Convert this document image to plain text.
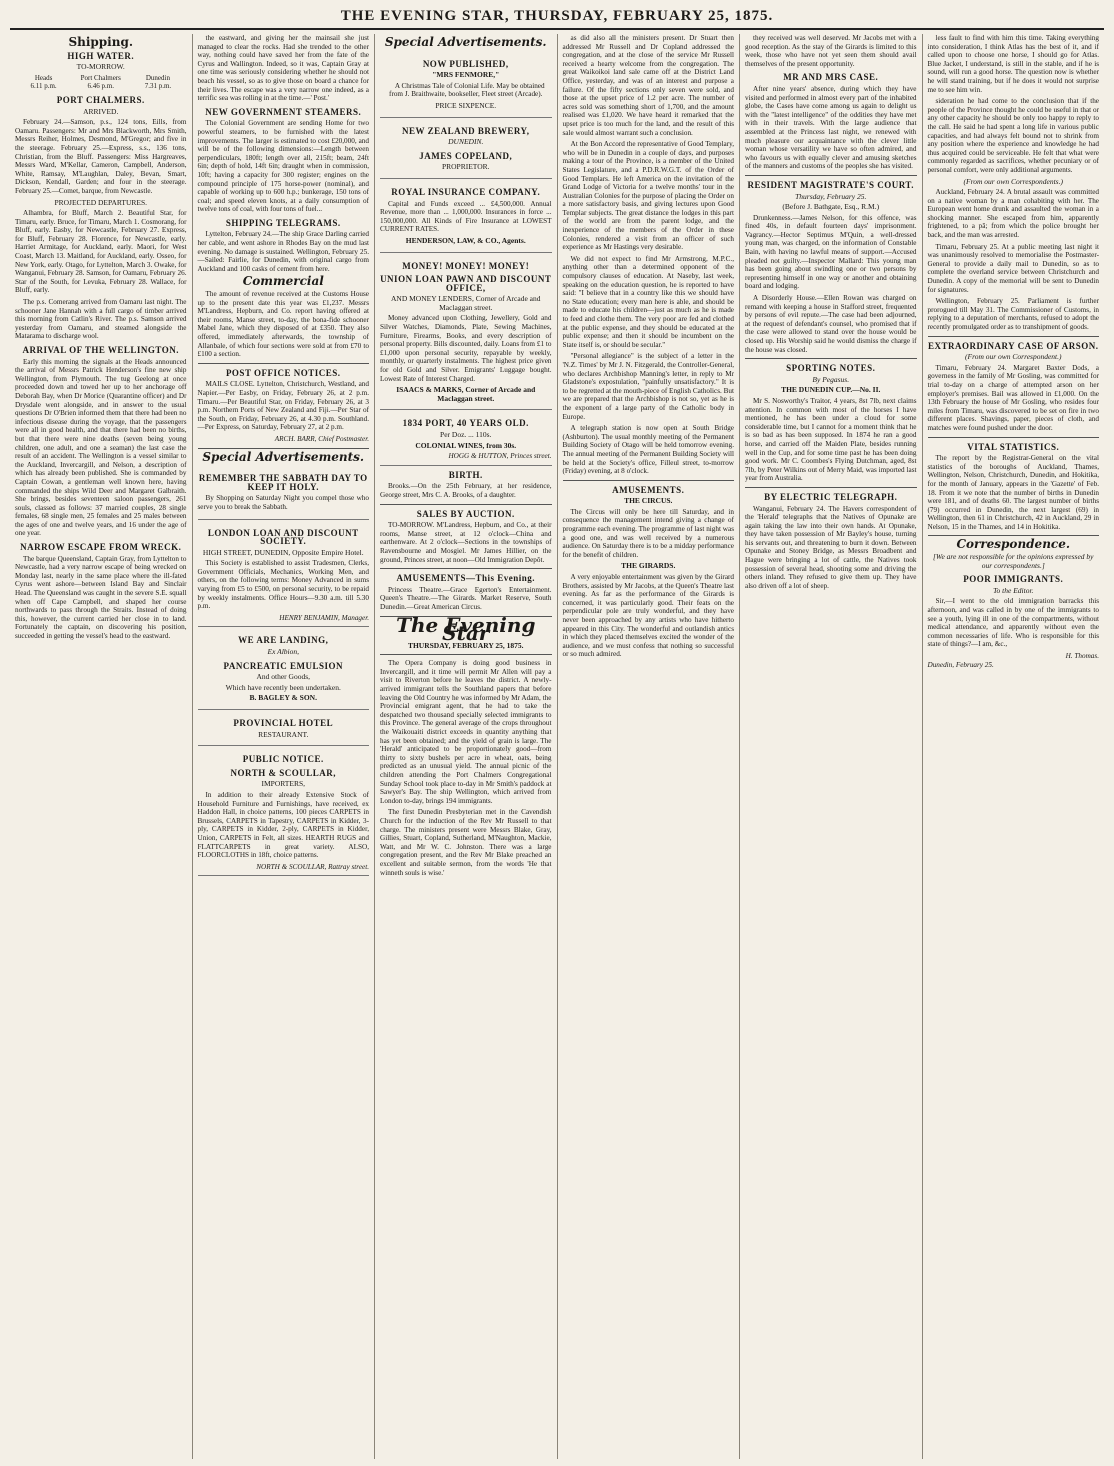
THE EVENING STAR, THURSDAY, FEBRUARY 25, 1875.
Shipping.
HIGH WATER.
TO-MORROW.
Heads
6.11 p.m.
Port Chalmers
6.46 p.m.
Dunedin
7.31 p.m.
PORT CHALMERS.
ARRIVED.

February 24.—Samson, p.s., 124 tons, Eills, from Oamaru. Passengers: Mr and Mrs Blackworth, Mrs Smith, Messrs Reiher, Holmes, Desmond, M'Gregor; and five in the steerage. February 25.—Express, s.s., 136 tons, Christian, from the Bluff. Passengers: Miss Hargreaves, Messrs Ward, M'Kellar, Cameron, Campbell, Anderson, White, Ramsay, M'Laughlan, Daley, Bevan, Smart, Dickson, Kendall, Garden; and four in the steerage. February 25.—Comet, barque, from Newcastle.

PROJECTED DEPARTURES.

Alhambra, for Bluff, March 2. Beautiful Star, for Timaru, early. Bruce, for Timaru, March 1. Cosmorang, for Bluff, early. Easby, for Newcastle, February 27. Express, for Bluff, February 28. Florence, for Newcastle, early. Harriet Armitage, for Auckland, early. Maori, for West Coast, March 13. Maitland, for Auckland, early. Osseo, for New York, early. Otago, for Lyttelton, March 3. Owake, for Wanganui, February 28. Samson, for Oamaru, February 26. Star of the South, for Levuka, February 28. Wallace, for Bluff, early.

The p.s. Comerang arrived from Oamaru last night. The schooner Jane Hannah with a full cargo of timber arrived this morning from Catlin's River. The p.s. Samson arrived yesterday from Oamaru, and steamed alongside the Matarama to discharge wool.

ARRIVAL OF THE WELLINGTON.

Early this morning the signals at the Heads announced the arrival of Messrs Patrick Henderson's fine new ship Wellington, from Plymouth. The tug Geelong at once proceeded down and towed her up to her anchorage off Deborah Bay, when Dr Morice (Quarantine officer) and Dr Drysdale went alongside, and in answer to the usual questions Dr O'Brien informed them that there had been no infectious disease during the voyage, that the passengers were all in good health, and that there had been no births, but that there were nine deaths (seven being young children, one adult, and one a seaman) the last case the result of an accident. The Wellington is a vessel similar to the Auckland, Invercargill, and Nelson, a description of which has already been published. She is commanded by Captain Cowan, a gentleman well known here, having commanded the ships Wild Deer and Margaret Galbraith. She brings, besides seventeen saloon passengers, 261 souls, classed as follows: 37 married couples, 28 single females, 68 single men, 25 females and 25 males between the ages of one and twelve years, and 16 under the age of one year.

NARROW ESCAPE FROM WRECK.

The barque Queensland, Captain Gray, from Lyttelton to Newcastle, had a very narrow escape of being wrecked on Monday last, nearly in the same place where the ill-fated Cyrus went ashore—between Island Bay and Sinclair Head. The Queensland was caught in the severe S.E. squall when off Cape Campbell, and shaped her course northwards to pass through the Straits. Instead of doing this, however, the current carried her close in to land. Fortunately the captain, on discovering his position, succeeded in getting the vessel's head to the eastward.

the eastward, and giving her the mainsail she just managed to clear the rocks. Had she trended to the other way, nothing could have saved her from the fate of the Cyrus and Wallington. Indeed, so it was, Captain Gray at one time was seriously considering whether he should not beach his vessel, so as to give those on board a chance for their lives. The escape was a very narrow one indeed, as a terrific sea was rolling in at the time.—' Post.'

NEW GOVERNMENT STEAMERS.

The Colonial Government are sending Home for two powerful steamers, to be furnished with the latest improvements. The larger is estimated to cost £20,000, and will be of the following dimensions:—Length between perpendiculars, 180ft; length over all, 215ft; beam, 24ft 6in; depth of hold, 14ft 6in; draught when in commission, 10ft; having a capacity for 300 register; engines on the compound principle of 175 horse-power (nominal), and capable of working up to 600 h.p.; bunkerage, 150 tons of coal; and speed eleven knots, at a daily consumption of twelve tons of coal, with four tons of fuel...

SHIPPING TELEGRAMS.

Lyttelton, February 24.—The ship Grace Darling carried her cable, and went ashore in Rhodes Bay on the mud last evening. No damage is sustained. Wellington, February 25.—Sailed: Fairlie, for Dunedin, with original cargo from Auckland and 100 casks of cement from here.

Commercial

The amount of revenue received at the Customs House up to the present date this year was £1,237. Messrs M'Landress, Hepburn, and Co. report having offered at their rooms, Manse street, to-day, the bona-fide schooner Mabel Jane, which they disposed of at £350. They also offered, immediately afterwards, the township of Allanbale, of which four sections were sold at from £70 to £100 a section.

POST OFFICE NOTICES.

MAILS CLOSE. Lyttelton, Christchurch, Westland, and Napier.—Per Easby, on Friday, February 26, at 2 p.m. Timaru.—Per Beautiful Star, on Friday, February 26, at 3 p.m. Northern Ports of New Zealand and Fiji.—Per Star of the South, on Friday, February 26, at 4.30 p.m. Southland.—Per Express, on Saturday, February 27, at 2 p.m.

ARCH. BARR, Chief Postmaster.
Special Advertisements.
REMEMBER THE SABBATH DAY TO KEEP IT HOLY.

By Shopping on Saturday Night you compel those who serve you to break the Sabbath.

LONDON LOAN AND DISCOUNT SOCIETY.
HIGH STREET, DUNEDIN, Opposite Empire Hotel.

This Society is established to assist Tradesmen, Clerks, Government Officials, Mechanics, Working Men, and others, on the following terms: Money Advanced in sums varying from £5 to £500, on personal security, to be repaid by weekly instalments. Office Hours—9.30 a.m. till 5.30 p.m.

HENRY BENJAMIN, Manager.
WE ARE LANDING,
Ex Albion,
PANCREATIC EMULSION
And other Goods,
Which have recently been undertaken.
B. BAGLEY & SON.
PROVINCIAL HOTEL
RESTAURANT.
PUBLIC NOTICE.
NORTH & SCOULLAR,
IMPORTERS,

In addition to their already Extensive Stock of Household Furniture and Furnishings, have received, ex Haddon Hall, in choice patterns, 100 pieces CARPETS in Brussels, CARPETS in Tapestry, CARPETS in Kidder, 3-ply, CARPETS in Kidder, 2-ply, CARPETS in Kidder, Union, CARPETS in Felt, all sizes. HEARTH RUGS and FLATTCARPETS in great variety. ALSO, FLOORCLOTHS in 18ft, choice patterns.

NORTH & SCOULLAR, Rattray street.
Special Advertisements.
NOW PUBLISHED,
"MRS FENMORE,"

A Christmas Tale of Colonial Life. May be obtained from J. Braithwaite, bookseller, Fleet street (Arcade).

PRICE SIXPENCE.
NEW ZEALAND BREWERY,
DUNEDIN.
JAMES COPELAND,
PROPRIETOR.
ROYAL INSURANCE COMPANY.

Capital and Funds exceed ... £4,500,000. Annual Revenue, more than ... 1,000,000. Insurances in force ... 150,000,000. All Kinds of Fire Insurance at LOWEST CURRENT RATES.

HENDERSON, LAW, & CO., Agents.
MONEY! MONEY! MONEY!
UNION LOAN PAWN AND DISCOUNT OFFICE,
AND MONEY LENDERS, Corner of Arcade and Maclaggan street.

Money advanced upon Clothing, Jewellery, Gold and Silver Watches, Diamonds, Plate, Sewing Machines, Furniture, Firearms, Books, and every description of personal property. Bills discounted, daily. Loans from £1 to £1,000 upon personal security, repayable by weekly, monthly, or quarterly instalments. The highest price given for old Gold and Silver. Emigrants' Luggage bought. Lowest Rate of Interest Charged.

ISAACS & MARKS, Corner of Arcade and Maclaggan street.
1834 PORT, 40 YEARS OLD.
Per Doz. ... 110s.
COLONIAL WINES, from 30s.
HOGG & HUTTON, Princes street.
BIRTH.

Brooks.—On the 25th February, at her residence, George street, Mrs C. A. Brooks, of a daughter.

SALES BY AUCTION.

TO-MORROW. M'Landress, Hepburn, and Co., at their rooms, Manse street, at 12 o'clock—China and earthenware. At 2 o'clock—Sections in the townships of Ravensbourne and Mosgiel. Mr James Hillier, on the ground, Princes street, at noon—Old Immigration Depôt.

AMUSEMENTS—This Evening.

Princess Theatre.—Grace Egerton's Entertainment. Queen's Theatre.—The Girards. Market Reserve, South Dunedin.—Great American Circus.

The Evening Star
THURSDAY, FEBRUARY 25, 1875.

The Opera Company is doing good business in Invercargill, and it time will permit Mr Allen will pay a visit to Riverton before he leaves the district. A newly-arrived immigrant tells the Southland papers that before leaving the Old Country he was informed by Mr Adam, the Provincial emigrant agent, that he had to take the despatched two thousand specially selected immigrants to this Province. The general average of the crops throughout the Waikouaiti district exceeds in quantity anything that has yet been obtained; and the yield of grain is large. The 'Herald' anticipated to be proportionately good—from thirty to sixty bushels per acre in wheat, oats, being predicted as an unusual yield. The annual picnic of the children attending the Port Chalmers Congregational Sunday School took place to-day in Mr Smith's paddock at Sawyer's Bay. The ship Wellington, which arrived from London to-day, brings 194 immigrants.

The first Dunedin Presbyterian met in the Cavendish Church for the induction of the Rev Mr Russell to that charge. The ministers present were Messrs Blake, Gray, Gillies, Stuart, Copland, Sutherland, M'Naughton, Mackie, Watt, and Mr W. C. Johnston. There was a large congregation present, and the Rev Mr Blake preached an excellent and suitable sermon, from the words 'He that winneth souls is wise.'

as did also all the ministers present. Dr Stuart then addressed Mr Russell and Dr Copland addressed the congregation, and at the close of the service Mr Russell received a hearty welcome from the congregation. The great Waikoikoi land sale came off at the District Land Office, yesterday, and was of an interest and purpose a failure. Of the fifty sections only seven were sold, and those at the upset price of 1.2 per acre. The number of acres sold was something short of 1,700, and the amount realised was £1,020. We have heard it remarked that the upset price is too much for the land, and the result of this sale would almost warrant such a conclusion.

At the Bon Accord the representative of Good Templary, who will be in Dunedin in a couple of days, and purposes making a tour of the Province, is a member of the United States Legislature, and a P.D.R.W.G.T. of the Order of Good Templars. He left America on the invitation of the Grand Lodge of Victoria for a twelve months' tour in the Australian Colonies for the purpose of placing the Order on a more satisfactory basis, and giving lectures upon Good Templar subjects. The great distance the lodges in this part of the world are from the parent lodge, and the inexperience of the members of the Order in these Colonies, rendered a visit from an officer of such experience as Mr Hastings very desirable.

We did not expect to find Mr Armstrong, M.P.C., anything other than a determined opponent of the compulsory clauses of education. At Naseby, last week, speaking on the education question, he is reported to have said: "I believe that in a country like this we should have no State education; every man here is able, and should be made to educate his children—just as much as he is made to feed and clothe them. The very poor are fed and clothed at the public expense, and they should be educated at the public expense; and then it should be incumbent on the State itself is, or should be secular."

"Personal allegiance" is the subject of a letter in the 'N.Z. Times' by Mr J. N. Fitzgerald, the Controller-General, who declares Archbishop Manning's letter, in reply to Mr Gladstone's expostulation, "painfully unsatisfactory." It is to be regretted at the mouth-piece of English Catholics. But we are prepared that the Archbishop is not so, yet as he is the exponent of a large party of the Catholic body in Europe.

A telegraph station is now open at South Bridge (Ashburton). The usual monthly meeting of the Permanent Building Society of Otago will be held tomorrow evening. The annual meeting of the Permanent Building Society will be held at the Society's office, Filleul street, to-morrow (Friday) evening, at 8 o'clock.

AMUSEMENTS.
THE CIRCUS.

The Circus will only be here till Saturday, and in consequence the management intend giving a change of programme each evening. The programme of last night was a good one, and was well received by a numerous audience. On Saturday there is to be a midday performance for the benefit of children.

THE GIRARDS.

A very enjoyable entertainment was given by the Girard Brothers, assisted by Mr Jacobs, at the Queen's Theatre last evening. As far as the performance of the Girards is concerned, it was particularly good. Their feats on the perpendicular pole are truly wonderful, and they have never been approached by any artists who have hitherto appeared in this City. The wonderful and outlandish antics in which they placed themselves excited the wonder of the audience, and we must confess that nothing so successful or so much admired.

they received was well deserved. Mr Jacobs met with a good reception. As the stay of the Girards is limited to this week, those who have not yet seen them should avail themselves of the present opportunity.

MR AND MRS CASE.

After nine years' absence, during which they have visited and performed in almost every part of the inhabited globe, the Cases have come among us again to delight us with the "latest intelligence" of the oddities they have met with in their travels. With the large audience that assembled at the Princess last night, we renewed with much pleasure our acquaintance with the clever little woman whose versatility we have so often admired, and who favours us with equally clever and amusing sketches of the manners and customs of the peoples she has visited.

RESIDENT MAGISTRATE'S COURT.
Thursday, February 25.
(Before J. Bathgate, Esq., R.M.)

Drunkenness.—James Nelson, for this offence, was fined 40s, in default fourteen days' imprisonment. Vagrancy.—Hector Septimus M'Quin, a well-dressed young man, was charged, on the information of Constable Bain, with having no lawful means of support.—Accused pleaded not guilty.—Inspector Mallard: This young man has been going about swindling one or two persons by representing himself in one way or another and obtaining board and lodging.

A Disorderly House.—Ellen Rowan was charged on remand with keeping a house in Stafford street, frequented by persons of evil repute.—The case had been adjourned, at the request of defendant's counsel, who promised that if the case were allowed to stand over the house would be closed up. His Worship said he would dismiss the charge if the house was closed.

SPORTING NOTES.
By Pegasus.
THE DUNEDIN CUP.—No. II.

Mr S. Nosworthy's Traitor, 4 years, 8st 7lb, next claims attention. In common with most of the horses I have mentioned, he has been under a cloud for some considerable time, but I cannot for a moment think that he is so bad as has been supposed. In 1874 he ran a good horse, and carried off the Maiden Plate, besides running well in the Cup, and for some time past he has been doing good work. Mr C. Coombes's Flying Dutchman, aged, 8st 7lb, by Peter Wilkins out of Merry Maid, was imported last year from Australia.

BY ELECTRIC TELEGRAPH.

Wanganui, February 24. The Havers correspondent of the 'Herald' telegraphs that the Natives of Opunake are again taking the law into their own hands. At Opunake, they have taken possession of Mr Bayley's house, turning his servants out, and threatening to burn it down. Between Opunake and Stoney Bridge, as Messrs Broadbent and Hague were bringing a lot of cattle, the Natives took possession of several head, shooting some and driving the others inland. They refused to give them up. They have also driven off a lot of sheep.

less fault to find with him this time. Taking everything into consideration, I think Atlas has the best of it, and if called upon to choose one horse, I should go for Atlas. Blue Jacket, I understand, is still in the stable, and if he is sound, will run a good horse. The question now is whether he will stand training, but if he does it would not surprise me to see him win.

sideration he had come to the conclusion that if the people of the Province thought he could be useful in that or any other capacity he should be only too happy to reply to the call. He said he had spent a long life in various public capacities, and had always felt bound not to shrink from any position where the experience and knowledge he had thus acquired could be serviceable. He felt that what were commonly regarded as sacrifices, whether pecuniary or of personal comfort, were only additional arguments.

(From our own Correspondents.)

Auckland, February 24. A brutal assault was committed on a native woman by a man cohabiting with her. The European went home drunk and assaulted the woman in a shocking manner. She escaped from him, apparently frightened, to a pā; from which the police brought her back, and the man was arrested.

Timaru, February 25. At a public meeting last night it was unanimously resolved to memorialise the Postmaster-General to provide a daily mail to Dunedin, so as to complete the overland service between Christchurch and Dunedin. A copy of the memorial will be sent to Dunedin for signatures.

Wellington, February 25. Parliament is further prorogued till May 31. The Commissioner of Customs, in replying to a deputation of merchants, refused to adopt the recently promulgated order as to transhipment of goods.

EXTRAORDINARY CASE OF ARSON.
(From our own Correspondent.)

Timaru, February 24. Margaret Baxter Dods, a governess in the family of Mr Gosling, was committed for trial to-day on a charge of attempted arson on her employer's premises. Bail was allowed in £1,000. On the 13th February the house of Mr Gosling, who resides four miles from Timaru, was discovered to be set on fire in two different places. Shavings, paper, pieces of cloth, and matches were found pushed under the door.

VITAL STATISTICS.

The report by the Registrar-General on the vital statistics of the boroughs of Auckland, Thames, Wellington, Nelson, Christchurch, Dunedin, and Hokitika, for the month of January, appears in the 'Gazette' of Feb. 18. From it we note that the number of births in Dunedin were 181, and of deaths 60. The largest number of births (79) occurred in Dunedin, the next largest (69) in Wellington, then 61 in Christchurch, 42 in Auckland, 29 in Nelson, 15 in the Thames, and 14 in Hokitika.

Correspondence.
[We are not responsible for the opinions expressed by our correspondents.]
POOR IMMIGRANTS.
To the Editor.

Sir,—I went to the old immigration barracks this afternoon, and was called in by one of the immigrants to see a youth, lying ill in one of the compartments, without medical attendance, and apparently without even the common necessaries of life. Who is responsible for this state of things?—I am, &c.,

H. Thomas.
Dunedin, February 25.
